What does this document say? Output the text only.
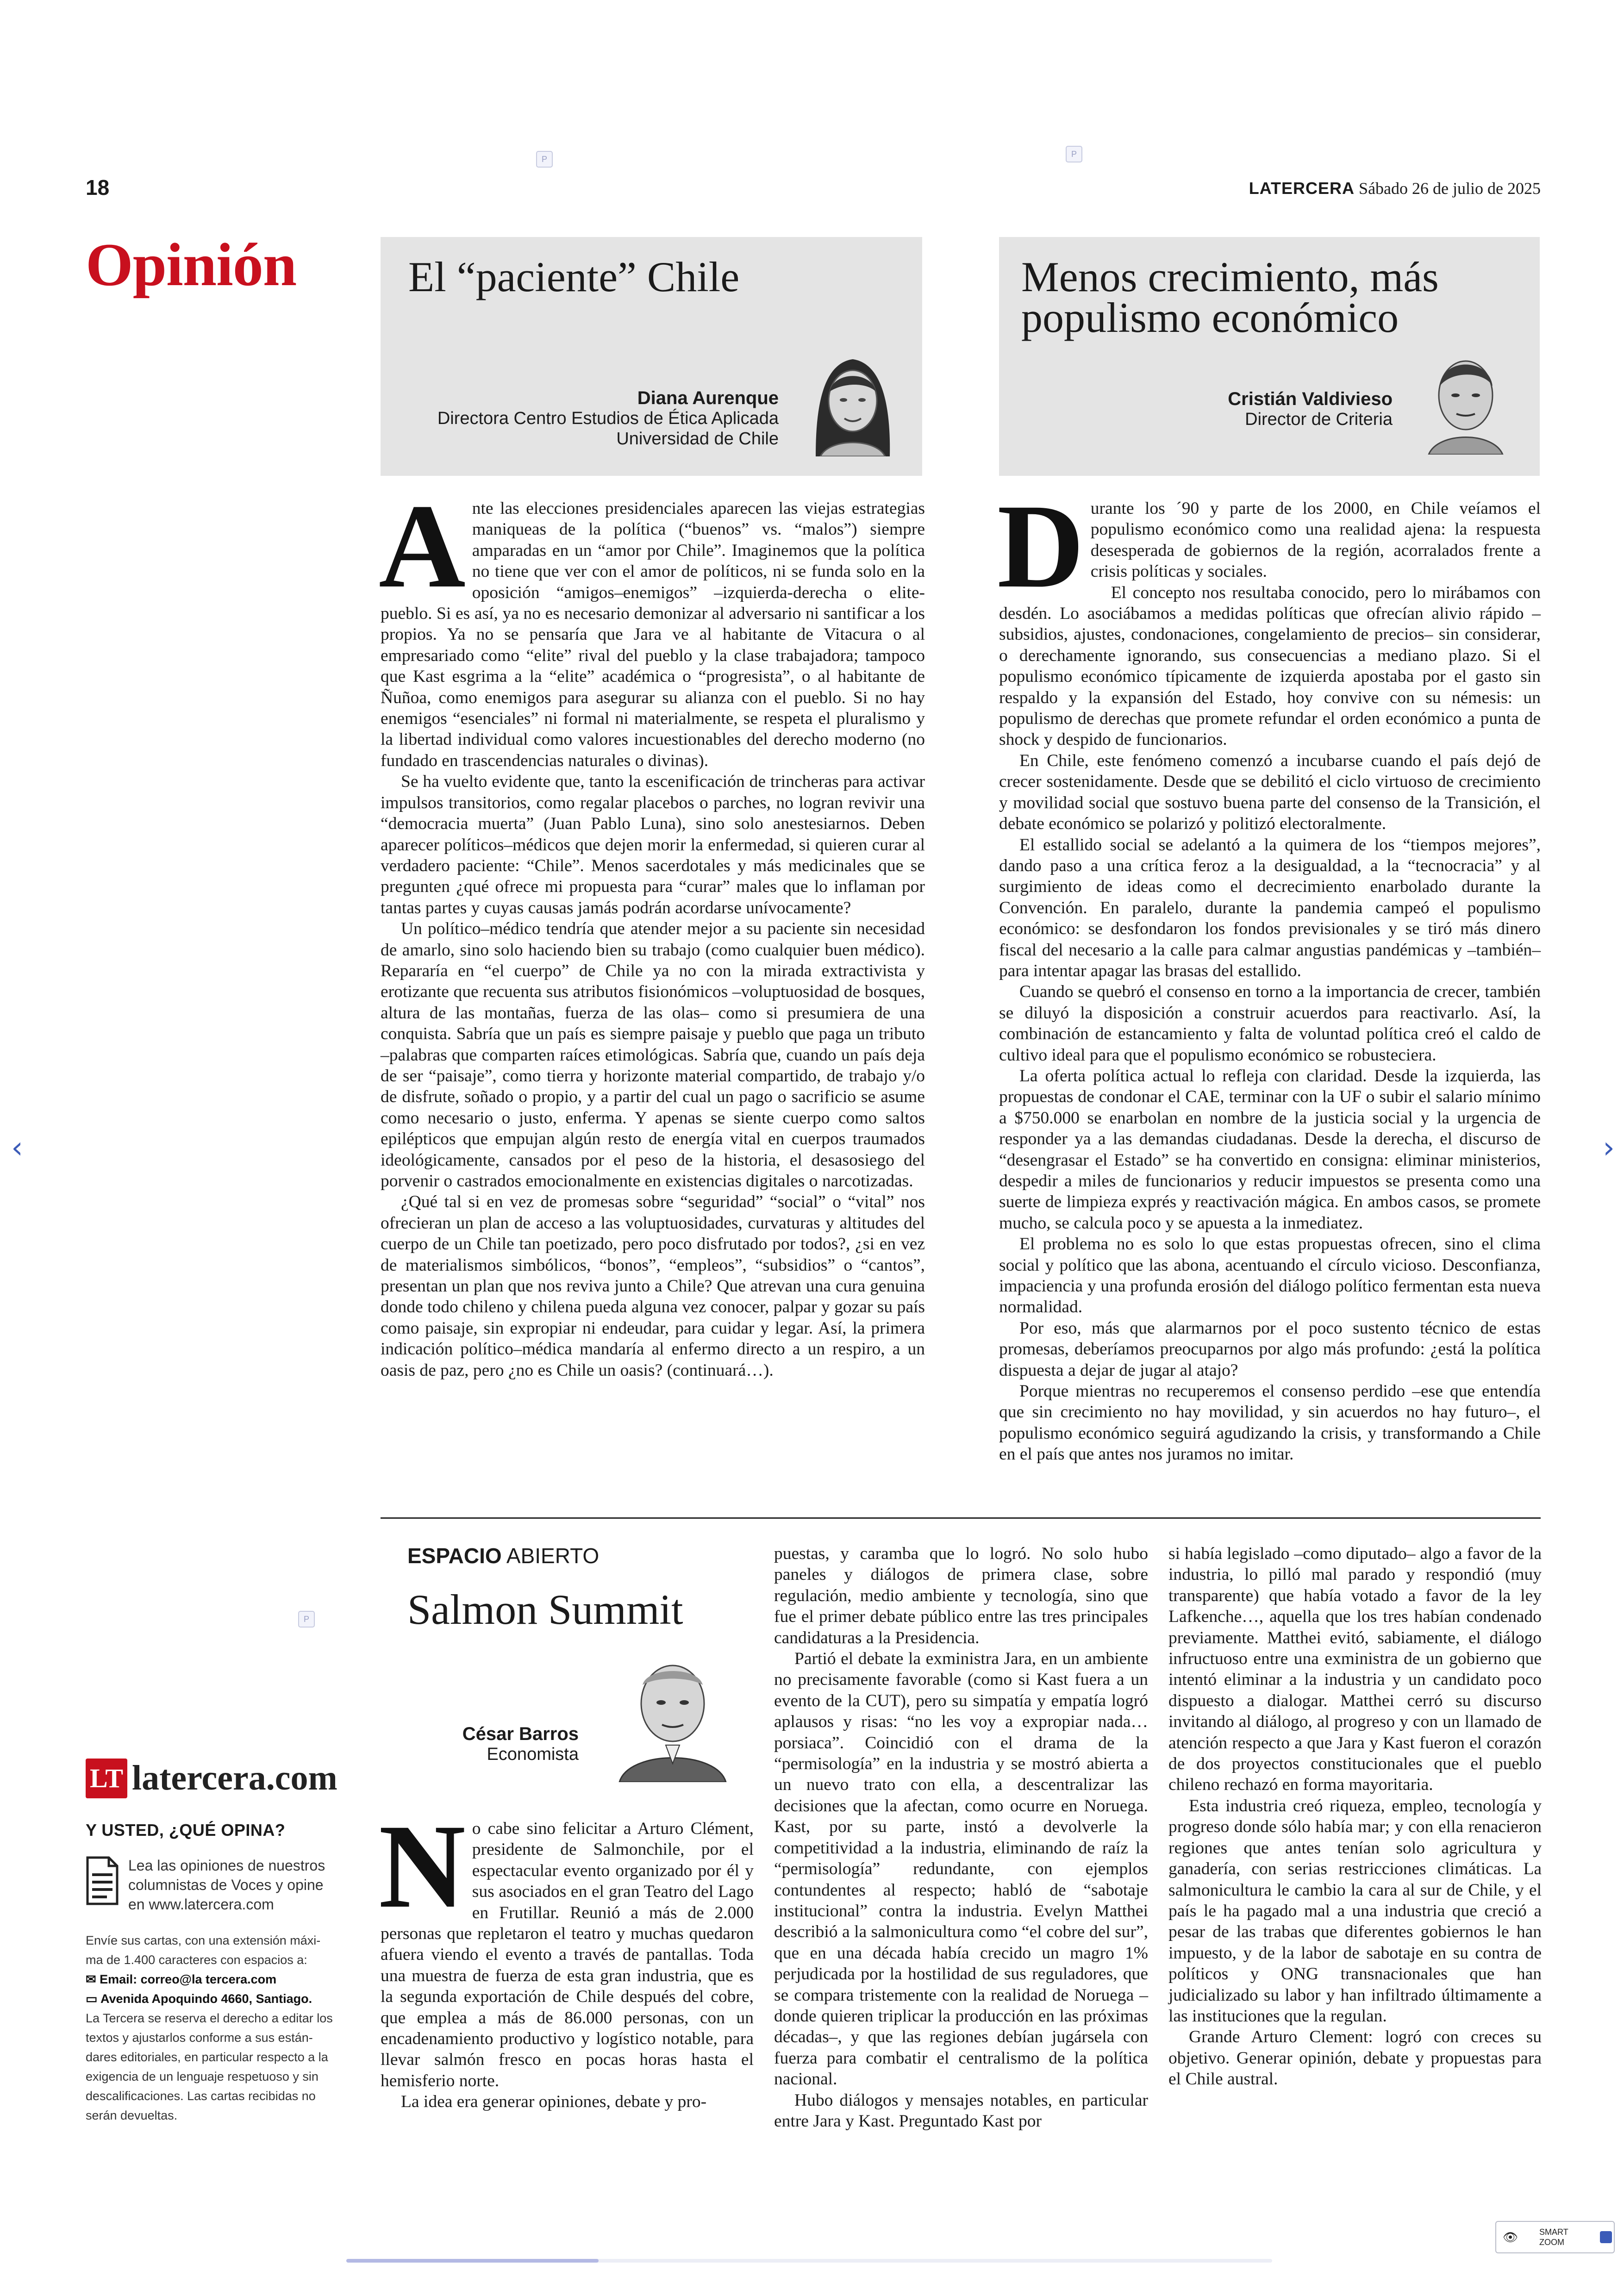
18	LATERCERA Sábado 26 de julio de 2025
P
P
P
Opinión	El “paciente” Chile
Diana Aurenque
Directora Centro Estudios de Ética Aplicada
Universidad de Chile
Menos crecimiento, más
populismo económico
Cristián Valdivieso
Director de Criteria
A nte las elecciones presidenciales aparecen las viejas estrategias maniqueas de la política (“buenos” vs. “malos”) siempre amparadas en un “amor por Chile”. Imaginemos que la política no tiene que ver con el amor de políticos, ni se funda solo en la oposición “amigos–enemigos” –izquierda-derecha o elite-pueblo. Si es así, ya no es necesario demonizar al adversario ni santificar a los propios. Ya no se pensaría que Jara ve al habitante de Vitacura o al empresariado como “elite” rival del pueblo y la clase trabajadora; tampoco que Kast esgrima a la “elite” académica o “progresista”, o al habitante de Ñuñoa, como enemigos para asegurar su alianza con el pueblo. Si no hay enemigos “esenciales” ni formal ni materialmente, se respeta el pluralismo y la libertad individual como valores incuestionables del derecho moderno (no fundado en trascendencias naturales o divinas).

Se ha vuelto evidente que, tanto la escenificación de trincheras para activar impulsos transitorios, como regalar placebos o parches, no logran revivir una “democracia muerta” (Juan Pablo Luna), sino solo anestesiarnos. Deben aparecer políticos–médicos que dejen morir la enfermedad, si quieren curar al verdadero paciente: “Chile”. Menos sacerdotales y más medicinales que se pregunten ¿qué ofrece mi propuesta para “curar” males que lo inflaman por tantas partes y cuyas causas jamás podrán acordarse unívocamente?

Un político–médico tendría que atender mejor a su paciente sin necesidad de amarlo, sino solo haciendo bien su trabajo (como cualquier buen médico). Repararía en “el cuerpo” de Chile ya no con la mirada extractivista y erotizante que recuenta sus atributos fisionómicos –voluptuosidad de bosques, altura de las montañas, fuerza de las olas– como si presumiera de una conquista. Sabría que un país es siempre paisaje y pueblo que paga un tributo –palabras que comparten raíces etimológicas. Sabría que, cuando un país deja de ser “paisaje”, como tierra y horizonte material compartido, de trabajo y/o de disfrute, soñado o propio, y a partir del cual un pago o sacrificio se asume como necesario o justo, enferma. Y apenas se siente cuerpo como saltos epilépticos que empujan algún resto de energía vital en cuerpos traumados ideológicamente, cansados por el peso de la historia, el desasosiego del porvenir o castrados emocionalmente en existencias digitales o narcotizadas.

¿Qué tal si en vez de promesas sobre “seguridad” “social” o “vital” nos ofrecieran un plan de acceso a las voluptuosidades, curvaturas y altitudes del cuerpo de un Chile tan poetizado, pero poco disfrutado por todos?, ¿si en vez de materialismos simbólicos, “bonos”, “empleos”, “subsidios” o “cantos”, presentan un plan que nos reviva junto a Chile? Que atrevan una cura genuina donde todo chileno y chilena pueda alguna vez conocer, palpar y gozar su país como paisaje, sin expropiar ni endeudar, para cuidar y legar. Así, la primera indicación político–médica mandaría al enfermo directo a un respiro, a un oasis de paz, pero ¿no es Chile un oasis? (continuará…).

D urante los ´90 y parte de los 2000, en Chile veíamos el populismo económico como una realidad ajena: la respuesta desesperada de gobiernos de la región, acorralados frente a crisis políticas y sociales.

El concepto nos resultaba conocido, pero lo mirábamos con desdén. Lo asociábamos a medidas políticas que ofrecían alivio rápido –subsidios, ajustes, condonaciones, congelamiento de precios– sin considerar, o derechamente ignorando, sus consecuencias a mediano plazo. Si el populismo económico típicamente de izquierda apostaba por el gasto sin respaldo y la expansión del Estado, hoy convive con su némesis: un populismo de derechas que promete refundar el orden económico a punta de shock y despido de funcionarios.

En Chile, este fenómeno comenzó a incubarse cuando el país dejó de crecer sostenidamente. Desde que se debilitó el ciclo virtuoso de crecimiento y movilidad social que sostuvo buena parte del consenso de la Transición, el debate económico se polarizó y politizó electoralmente.

El estallido social se adelantó a la quimera de los “tiempos mejores”, dando paso a una crítica feroz a la desigualdad, a la “tecnocracia” y al surgimiento de ideas como el decrecimiento enarbolado durante la Convención. En paralelo, durante la pandemia campeó el populismo económico: se desfondaron los fondos previsionales y se tiró más dinero fiscal del necesario a la calle para calmar angustias pandémicas y –también– para intentar apagar las brasas del estallido.

Cuando se quebró el consenso en torno a la importancia de crecer, también se diluyó la disposición a construir acuerdos para reactivarlo. Así, la combinación de estancamiento y falta de voluntad política creó el caldo de cultivo ideal para que el populismo económico se robusteciera.

La oferta política actual lo refleja con claridad. Desde la izquierda, las propuestas de condonar el CAE, terminar con la UF o subir el salario mínimo a $750.000 se enarbolan en nombre de la justicia social y la urgencia de responder ya a las demandas ciudadanas. Desde la derecha, el discurso de “desengrasar el Estado” se ha convertido en consigna: eliminar ministerios, despedir a miles de funcionarios y reducir impuestos se presenta como una suerte de limpieza exprés y reactivación mágica. En ambos casos, se promete mucho, se calcula poco y se apuesta a la inmediatez.

El problema no es solo lo que estas propuestas ofrecen, sino el clima social y político que las abona, acentuando el círculo vicioso. Desconfianza, impaciencia y una profunda erosión del diálogo político fermentan esta nueva normalidad.

Por eso, más que alarmarnos por el poco sustento técnico de estas promesas, deberíamos preocuparnos por algo más profundo: ¿está la política dispuesta a dejar de jugar al atajo?

Porque mientras no recuperemos el consenso perdido –ese que entendía que sin crecimiento no hay movilidad, y sin acuerdos no hay futuro–, el populismo económico seguirá agudizando la crisis, y transformando a Chile en el país que antes nos juramos no imitar.

ESPACIO ABIERTO
Salmon Summit
César Barros
Economista
N o cabe sino felicitar a Arturo Clément, presidente de Salmonchile, por el espectacular evento organizado por él y sus asociados en el gran Teatro del Lago en Frutillar. Reunió a más de 2.000 personas que repletaron el teatro y muchas quedaron afuera viendo el evento a través de pantallas. Toda una muestra de fuerza de esta gran industria, que es la segunda exportación de Chile después del cobre, que emplea a más de 86.000 personas, con un encadenamiento productivo y logístico notable, para llevar salmón fresco en pocas horas hasta el hemisferio norte.

La idea era generar opiniones, debate y pro-

puestas, y caramba que lo logró. No solo hubo paneles y diálogos de primera clase, sobre regulación, medio ambiente y tecnología, sino que fue el primer debate público entre las tres principales candidaturas a la Presidencia.

Partió el debate la exministra Jara, en un ambiente no precisamente favorable (como si Kast fuera a un evento de la CUT), pero su simpatía y empatía logró aplausos y risas: “no les voy a expropiar nada… porsiaca”. Coincidió con el drama de la “permisología” en la industria y se mostró abierta a un nuevo trato con ella, a descentralizar las decisiones que la afectan, como ocurre en Noruega. Kast, por su parte, instó a devolverle la competitividad a la industria, eliminando de raíz la “permisología” redundante, con ejemplos contundentes al respecto; habló de “sabotaje institucional” contra la industria. Evelyn Matthei describió a la salmonicultura como “el cobre del sur”, que en una década había crecido un magro 1% perjudicada por la hostilidad de sus reguladores, que se compara tristemente con la realidad de Noruega –donde quieren triplicar la producción en las próximas décadas–, y que las regiones debían jugársela con fuerza para combatir el centralismo de la política nacional.

Hubo diálogos y mensajes notables, en particular entre Jara y Kast. Preguntado Kast por

si había legislado –como diputado– algo a favor de la industria, lo pilló mal parado y respondió (muy transparente) que había votado a favor de la ley Lafkenche…, aquella que los tres habían condenado previamente. Matthei evitó, sabiamente, el diálogo infructuoso entre una exministra de un gobierno que intentó eliminar a la industria y un candidato poco dispuesto a dialogar. Matthei cerró su discurso invitando al diálogo, al progreso y con un llamado de atención respecto a que Jara y Kast fueron el corazón de dos proyectos constitucionales que el pueblo chileno rechazó en forma mayoritaria.

Esta industria creó riqueza, empleo, tecnología y progreso donde sólo había mar; y con ella renacieron regiones que antes tenían solo agricultura y ganadería, con serias restricciones climáticas. La salmonicultura le cambio la cara al sur de Chile, y el país le ha pagado mal a una industria que creció a pesar de las trabas que diferentes gobiernos le han impuesto, y de la labor de sabotaje en su contra de políticos y ONG transnacionales que han judicializado su labor y han infiltrado últimamente a las instituciones que la regulan.

Grande Arturo Clement: logró con creces su objetivo. Generar opinión, debate y propuestas para el Chile austral.

LT latercera.com
Y USTED, ¿QUÉ OPINA?
Lea las opiniones de nuestros
columnistas de Voces y opine
en www.latercera.com
Envíe sus cartas, con una extensión máxi-
ma de 1.400 caracteres con espacios a:
✉ Email: correo@la tercera.com
▭ Avenida Apoquindo 4660, Santiago.
La Tercera se reserva el derecho a editar los
textos y ajustarlos conforme a sus están-
dares editoriales, en particular respecto a la
exigencia de un lenguaje respetuoso y sin
descalificaciones. Las cartas recibidas no
serán devueltas.
‹	›
👁	SMART
ZOOM
